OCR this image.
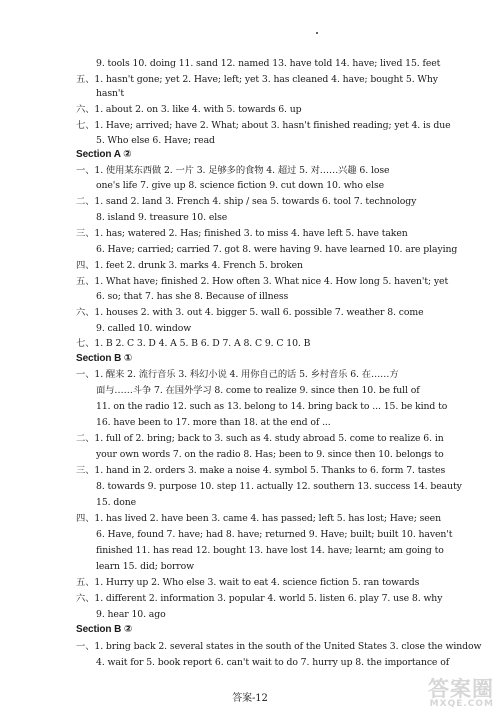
9. tools 10. doing 11. sand 12. named 13. have told 14. have; lived 15. feet
五、1. hasn't gone; yet 2. Have; left; yet 3. has cleaned 4. have; bought 5. Why
hasn't
六、1. about 2. on 3. like 4. with 5. towards 6. up
七、1. Have; arrived; have 2. What; about 3. hasn't finished reading; yet 4. is due
5. Who else 6. Have; read
Section A ②
一、1. 使用某东西做 2. 一片 3. 足够多的食物 4. 超过 5. 对……兴趣 6. lose
one's life 7. give up 8. science fiction 9. cut down 10. who else
二、1. sand 2. land 3. French 4. ship / sea 5. towards 6. tool 7. technology
8. island 9. treasure 10. else
三、1. has; watered 2. Has; finished 3. to miss 4. have left 5. have taken
6. Have; carried; carried 7. got 8. were having 9. have learned 10. are playing
四、1. feet 2. drunk 3. marks 4. French 5. broken
五、1. What have; finished 2. How often 3. What nice 4. How long 5. haven't; yet
6. so; that 7. has she 8. Because of illness
六、1. houses 2. with 3. out 4. bigger 5. wall 6. possible 7. weather 8. come
9. called 10. window
七、1. B 2. C 3. D 4. A 5. B 6. D 7. A 8. C 9. C 10. B
Section B ①
一、1. 醒来 2. 流行音乐 3. 科幻小说 4. 用你自己的话 5. 乡村音乐 6. 在……方
面与……斗争 7. 在国外学习 8. come to realize 9. since then 10. be full of
11. on the radio 12. such as 13. belong to 14. bring back to ... 15. be kind to
16. have been to 17. more than 18. at the end of ...
二、1. full of 2. bring; back to 3. such as 4. study abroad 5. come to realize 6. in
your own words 7. on the radio 8. Has; been to 9. since then 10. belongs to
三、1. hand in 2. orders 3. make a noise 4. symbol 5. Thanks to 6. form 7. tastes
8. towards 9. purpose 10. step 11. actually 12. southern 13. success 14. beauty
15. done
四、1. has lived 2. have been 3. came 4. has passed; left 5. has lost; Have; seen
6. Have, found 7. have; had 8. have; returned 9. Have; built; built 10. haven't
finished 11. has read 12. bought 13. have lost 14. have; learnt; am going to
learn 15. did; borrow
五、1. Hurry up 2. Who else 3. wait to eat 4. science fiction 5. ran towards
六、1. different 2. information 3. popular 4. world 5. listen 6. play 7. use 8. why
9. hear 10. ago
Section B ②
一、1. bring back 2. several states in the south of the United States 3. close the window
4. wait for 5. book report 6. can't wait to do 7. hurry up 8. the importance of
答案-12	答案圈
MXQE.COM
